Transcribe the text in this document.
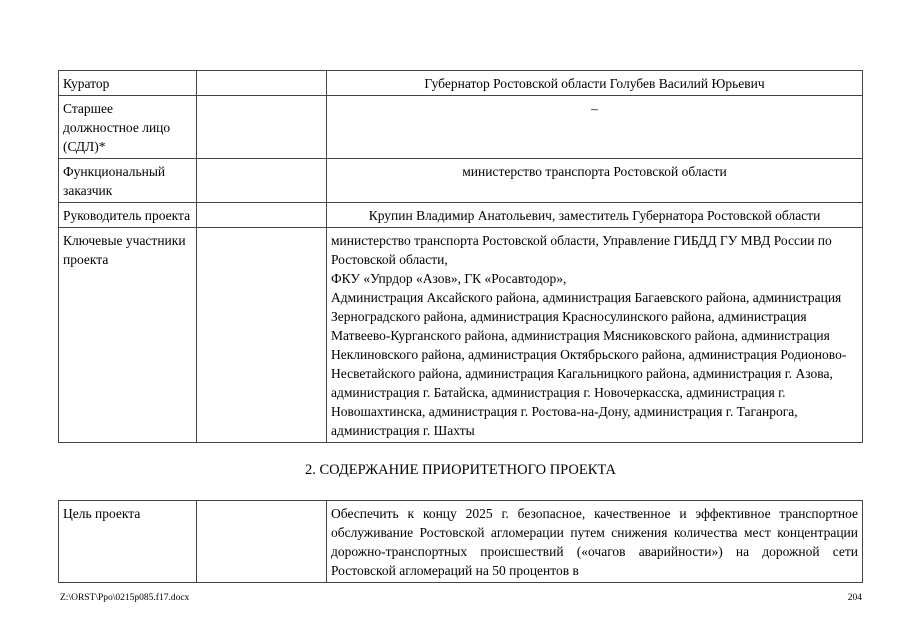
Куратор		Губернатор Ростовской области Голубев Василий Юрьевич
Старшее должностное лицо (СДЛ)*		–
Функциональный заказчик		министерство транспорта Ростовской области
Руководитель проекта		Крупин Владимир Анатольевич, заместитель Губернатора Ростовской области
Ключевые участники проекта		министерство транспорта Ростовской области, Управление ГИБДД ГУ МВД России по Ростовской области,
ФКУ «Упрдор «Азов», ГК «Росавтодор»,
Администрация Аксайского района, администрация Багаевского района, администрация Зерноградского района, администрация Красносулинского района, администрация Матвеево-Курганского района, администрация Мясниковского района, администрация Неклиновского района, администрация Октябрьского района, администрация Родионово-Несветайского района, администрация Кагальницкого района, администрация г. Азова, администрация г. Батайска, администрация г. Новочеркасска, администрация г. Новошахтинска, администрация г. Ростова-на-Дону, администрация г. Таганрога, администрация г. Шахты
2. СОДЕРЖАНИЕ ПРИОРИТЕТНОГО ПРОЕКТА
Цель проекта		Обеспечить к концу 2025 г. безопасное, качественное и эффективное транспортное обслуживание Ростовской агломерации путем снижения количества мест концентрации дорожно-транспортных происшествий («очагов аварийности») на дорожной сети Ростовской агломераций на 50 процентов в
Z:\ORST\Ppo\0215p085.f17.docx	204
